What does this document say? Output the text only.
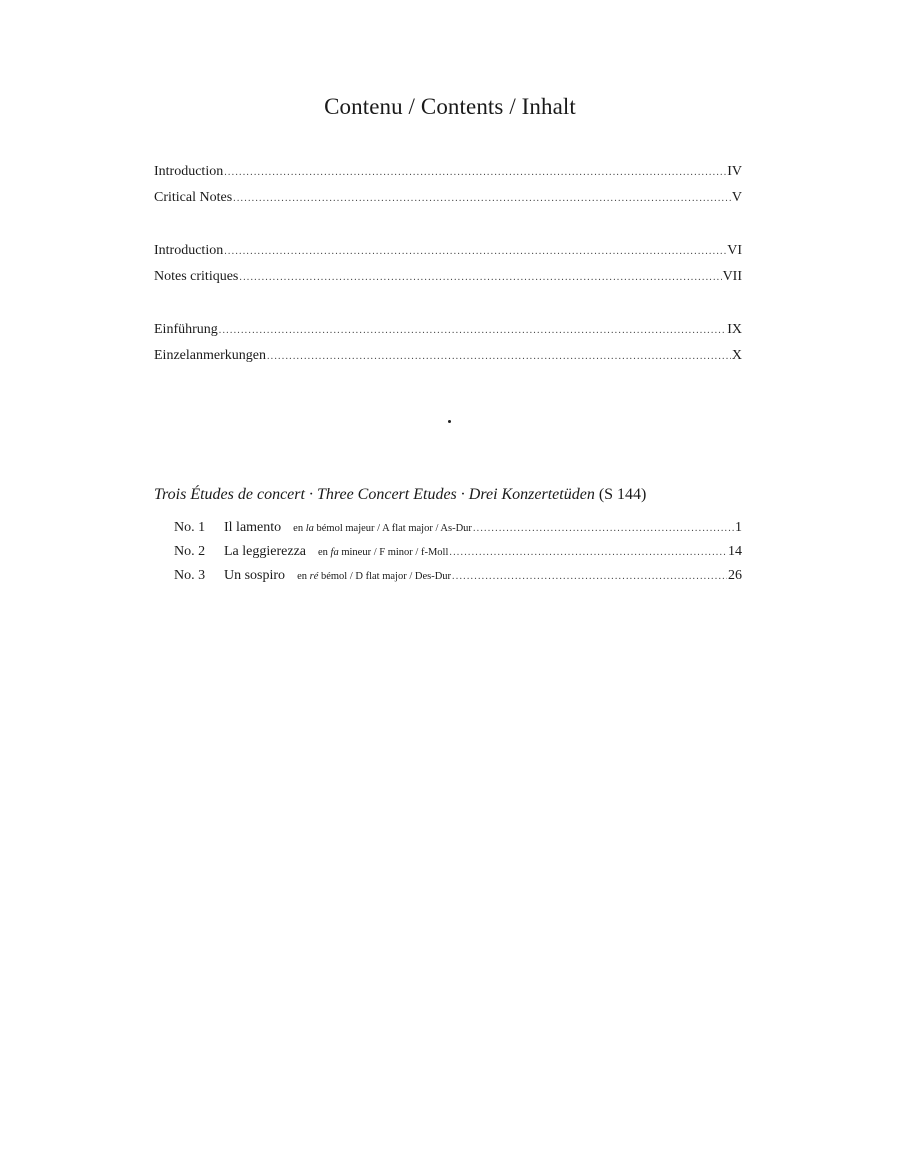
Contenu / Contents / Inhalt
Introduction .....	IV
Critical Notes .....	V
Introduction .....	VI
Notes critiques .....	VII
Einführung .....	IX
Einzelanmerkungen .....	X
Trois Études de concert · Three Concert Etudes · Drei Konzertetüden (S 144)
No. 1	Il lamento en la bémol majeur / A flat major / As-Dur .....	1
No. 2	La leggierezza en fa mineur / F minor / f-Moll .....	14
No. 3	Un sospiro en ré bémol / D flat major / Des-Dur .....	26
